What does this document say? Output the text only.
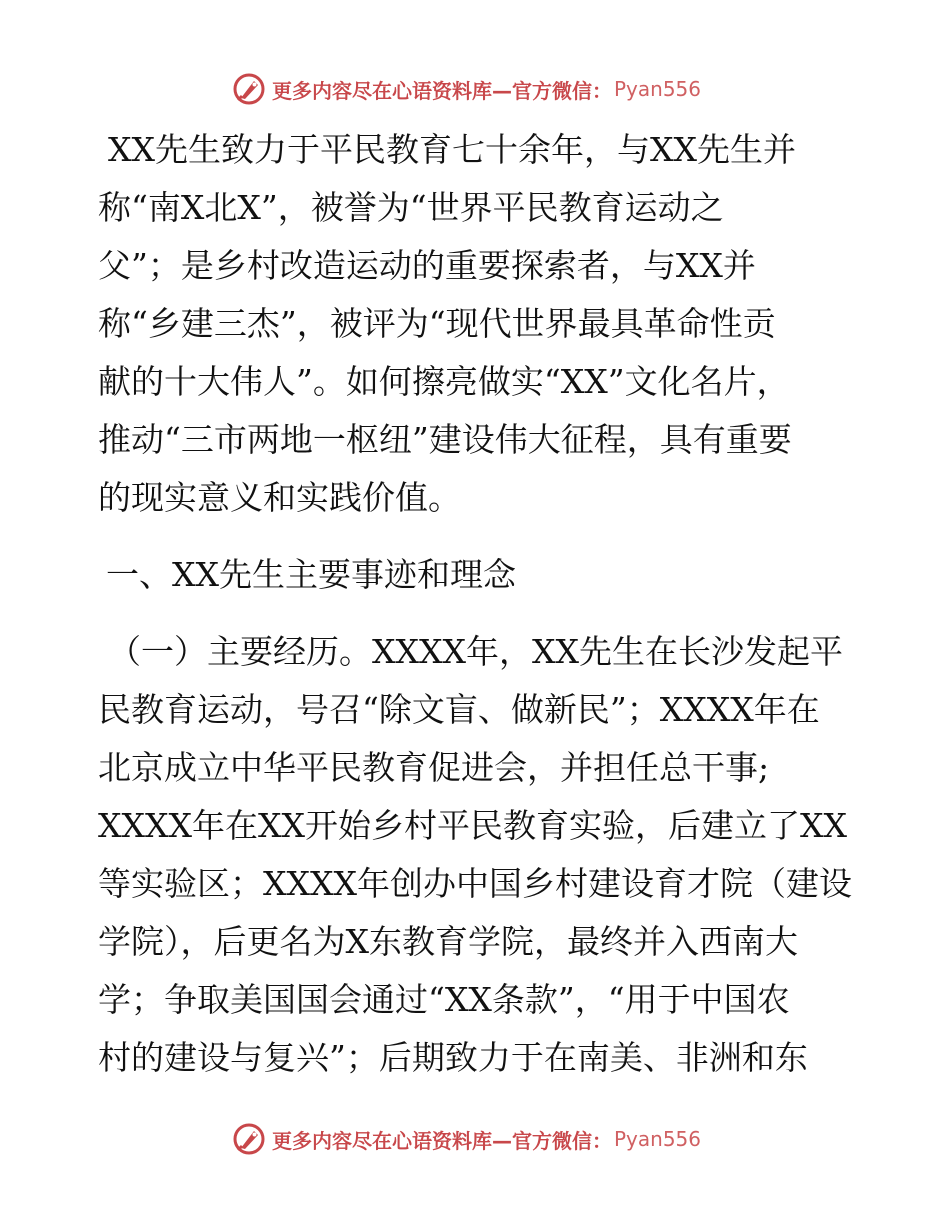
更多内容尽在心语资料库—官方微信： Pyan556
XX先生致力于平民教育七十余年，与XX先生并
称“南X北X”，被誉为“世界平民教育运动之
父”；是乡村改造运动的重要探索者，与XX并
称“乡建三杰”，被评为“现代世界最具革命性贡
献的十大伟人”。如何擦亮做实“XX”文化名片，
推动“三市两地一枢纽”建设伟大征程，具有重要
的现实意义和实践价值。
一、XX先生主要事迹和理念
（一）主要经历。XXXX年，XX先生在长沙发起平
民教育运动，号召“除文盲、做新民”；XXXX年在
北京成立中华平民教育促进会，并担任总干事;
XXXX年在XX开始乡村平民教育实验，后建立了XX
等实验区；XXXX年创办中国乡村建设育才院（建设
学院），后更名为X东教育学院，最终并入西南大
学；争取美国国会通过“XX条款”，“用于中国农
村的建设与复兴”；后期致力于在南美、非洲和东
更多内容尽在心语资料库—官方微信： Pyan556
